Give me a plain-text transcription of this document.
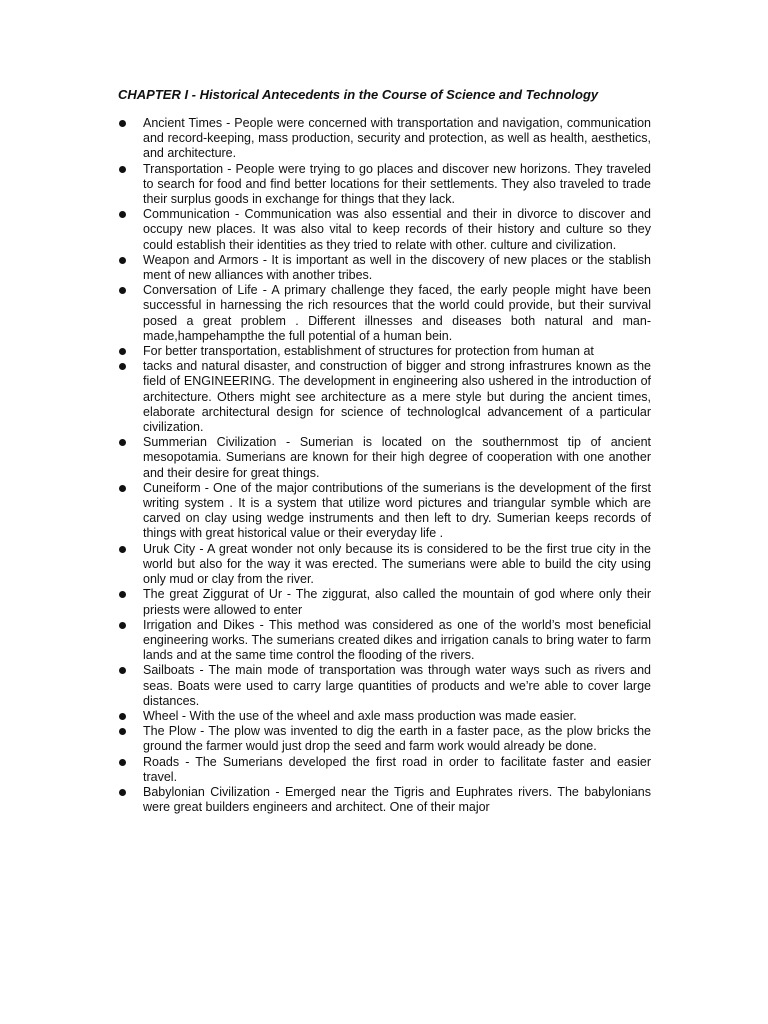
CHAPTER I - Historical Antecedents in the Course of Science and Technology
Ancient Times - People were concerned with transportation and navigation, communication and record-keeping, mass production, security and protection, as well as health, aesthetics, and architecture.
Transportation - People were trying to go places and discover new horizons. They traveled to search for food and find better locations for their settlements. They also traveled to trade their surplus goods in exchange for things that they lack.
Communication - Communication was also essential and their in divorce to discover and occupy new places. It was also vital to keep records of their history and culture so they could establish their identities as they tried to relate with other. culture and civilization.
Weapon and Armors - It is important as well in the discovery of new places or the stablish ment of new alliances with another tribes.
Conversation of Life - A primary challenge they faced, the early people might have been successful in harnessing the rich resources that the world could provide, but their survival posed a great problem . Different illnesses and diseases both natural and man-made,hampehampthe the full potential of a human bein.
For better transportation, establishment of structures for protection from human at
tacks and natural disaster, and construction of bigger and strong infrastrures known as the field of ENGINEERING. The development in engineering also ushered in the introduction of architecture. Others might see architecture as a mere style but during the ancient times, elaborate architectural design for science of technologIcal advancement of a particular civilization.
Summerian Civilization - Sumerian is located on the southernmost tip of ancient mesopotamia. Sumerians are known for their high degree of cooperation with one another and their desire for great things.
Cuneiform - One of the major contributions of the sumerians is the development of the first writing system . It is a system that utilize word pictures and triangular symble which are carved on clay using wedge instruments and then left to dry. Sumerian keeps records of things with great historical value or their everyday life .
Uruk City - A great wonder not only because its is considered to be the first true city in the world but also for the way it was erected. The sumerians were able to build the city using only mud or clay from the river.
The great Ziggurat of Ur - The ziggurat, also called the mountain of god where only their priests were allowed to enter
Irrigation and Dikes - This method was considered as one of the world’s most beneficial engineering works. The sumerians created dikes and irrigation canals to bring water to farm lands and at the same time control the flooding of the rivers.
Sailboats - The main mode of transportation was through water ways such as rivers and seas. Boats were used to carry large quantities of products and we’re able to cover large distances.
Wheel - With the use of the wheel and axle mass production was made easier.
The Plow - The plow was invented to dig the earth in a faster pace, as the plow bricks the ground the farmer would just drop the seed and farm work would already be done.
Roads - The Sumerians developed the first road in order to facilitate faster and easier travel.
Babylonian Civilization - Emerged near the Tigris and Euphrates rivers. The babylonians were great builders engineers and architect. One of their major
